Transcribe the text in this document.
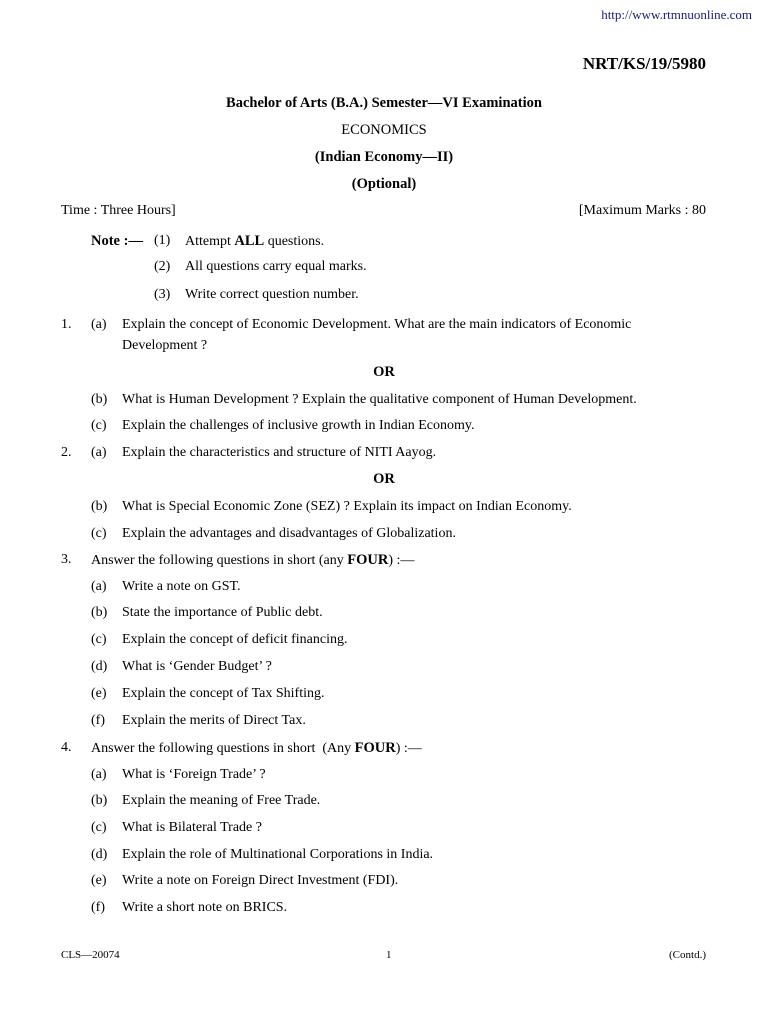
http://www.rtmnuonline.com
NRT/KS/19/5980
Bachelor of Arts (B.A.) Semester—VI Examination
ECONOMICS
(Indian Economy—II)
(Optional)
Time : Three Hours]	[Maximum Marks : 80
Note :— (1) Attempt ALL questions.
(2) All questions carry equal marks.
(3) Write correct question number.
1. (a) Explain the concept of Economic Development. What are the main indicators of Economic
Development ?
OR
(b) What is Human Development ? Explain the qualitative component of Human Development.
(c) Explain the challenges of inclusive growth in Indian Economy.
2. (a) Explain the characteristics and structure of NITI Aayog.
OR
(b) What is Special Economic Zone (SEZ) ? Explain its impact on Indian Economy.
(c) Explain the advantages and disadvantages of Globalization.
3. Answer the following questions in short (any FOUR) :—
(a) Write a note on GST.
(b) State the importance of Public debt.
(c) Explain the concept of deficit financing.
(d) What is ‘Gender Budget’ ?
(e) Explain the concept of Tax Shifting.
(f) Explain the merits of Direct Tax.
4. Answer the following questions in short  (Any FOUR) :—
(a) What is ‘Foreign Trade’ ?
(b) Explain the meaning of Free Trade.
(c) What is Bilateral Trade ?
(d) Explain the role of Multinational Corporations in India.
(e) Write a note on Foreign Direct Investment (FDI).
(f) Write a short note on BRICS.
CLS—20074	1	(Contd.)
